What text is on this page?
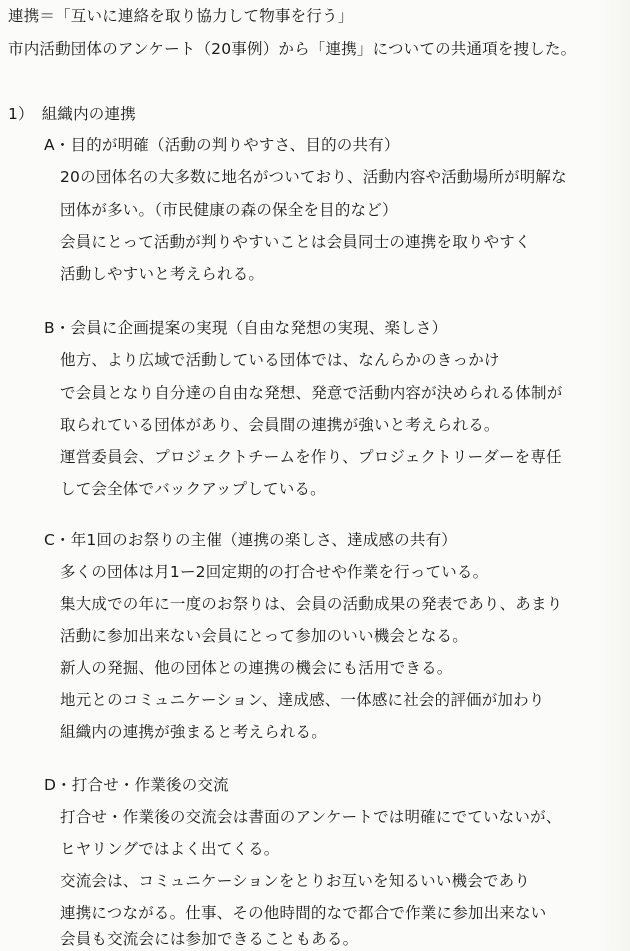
連携＝「互いに連絡を取り協力して物事を行う」
市内活動団体のアンケート（20事例）から「連携」についての共通項を捜した。
1）　組織内の連携
A・目的が明確（活動の判りやすさ、目的の共有）
20の団体名の大多数に地名がついており、活動内容や活動場所が明解な
団体が多い。（市民健康の森の保全を目的など）
会員にとって活動が判りやすいことは会員同士の連携を取りやすく
活動しやすいと考えられる。
B・会員に企画提案の実現（自由な発想の実現、楽しさ）
他方、より広域で活動している団体では、なんらかのきっかけ
で会員となり自分達の自由な発想、発意で活動内容が決められる体制が
取られている団体があり、会員間の連携が強いと考えられる。
運営委員会、プロジェクトチームを作り、プロジェクトリーダーを専任
して会全体でバックアップしている。
C・年1回のお祭りの主催（連携の楽しさ、達成感の共有）
多くの団体は月1ー2回定期的の打合せや作業を行っている。
集大成での年に一度のお祭りは、会員の活動成果の発表であり、あまり
活動に参加出来ない会員にとって参加のいい機会となる。
新人の発掘、他の団体との連携の機会にも活用できる。
地元とのコミュニケーション、達成感、一体感に社会的評価が加わり
組織内の連携が強まると考えられる。
D・打合せ・作業後の交流
打合せ・作業後の交流会は書面のアンケートでは明確にでていないが、
ヒヤリングではよく出てくる。
交流会は、コミュニケーションをとりお互いを知るいい機会であり
連携につながる。仕事、その他時間的なで都合で作業に参加出来ない
会員も交流会には参加できることもある。
